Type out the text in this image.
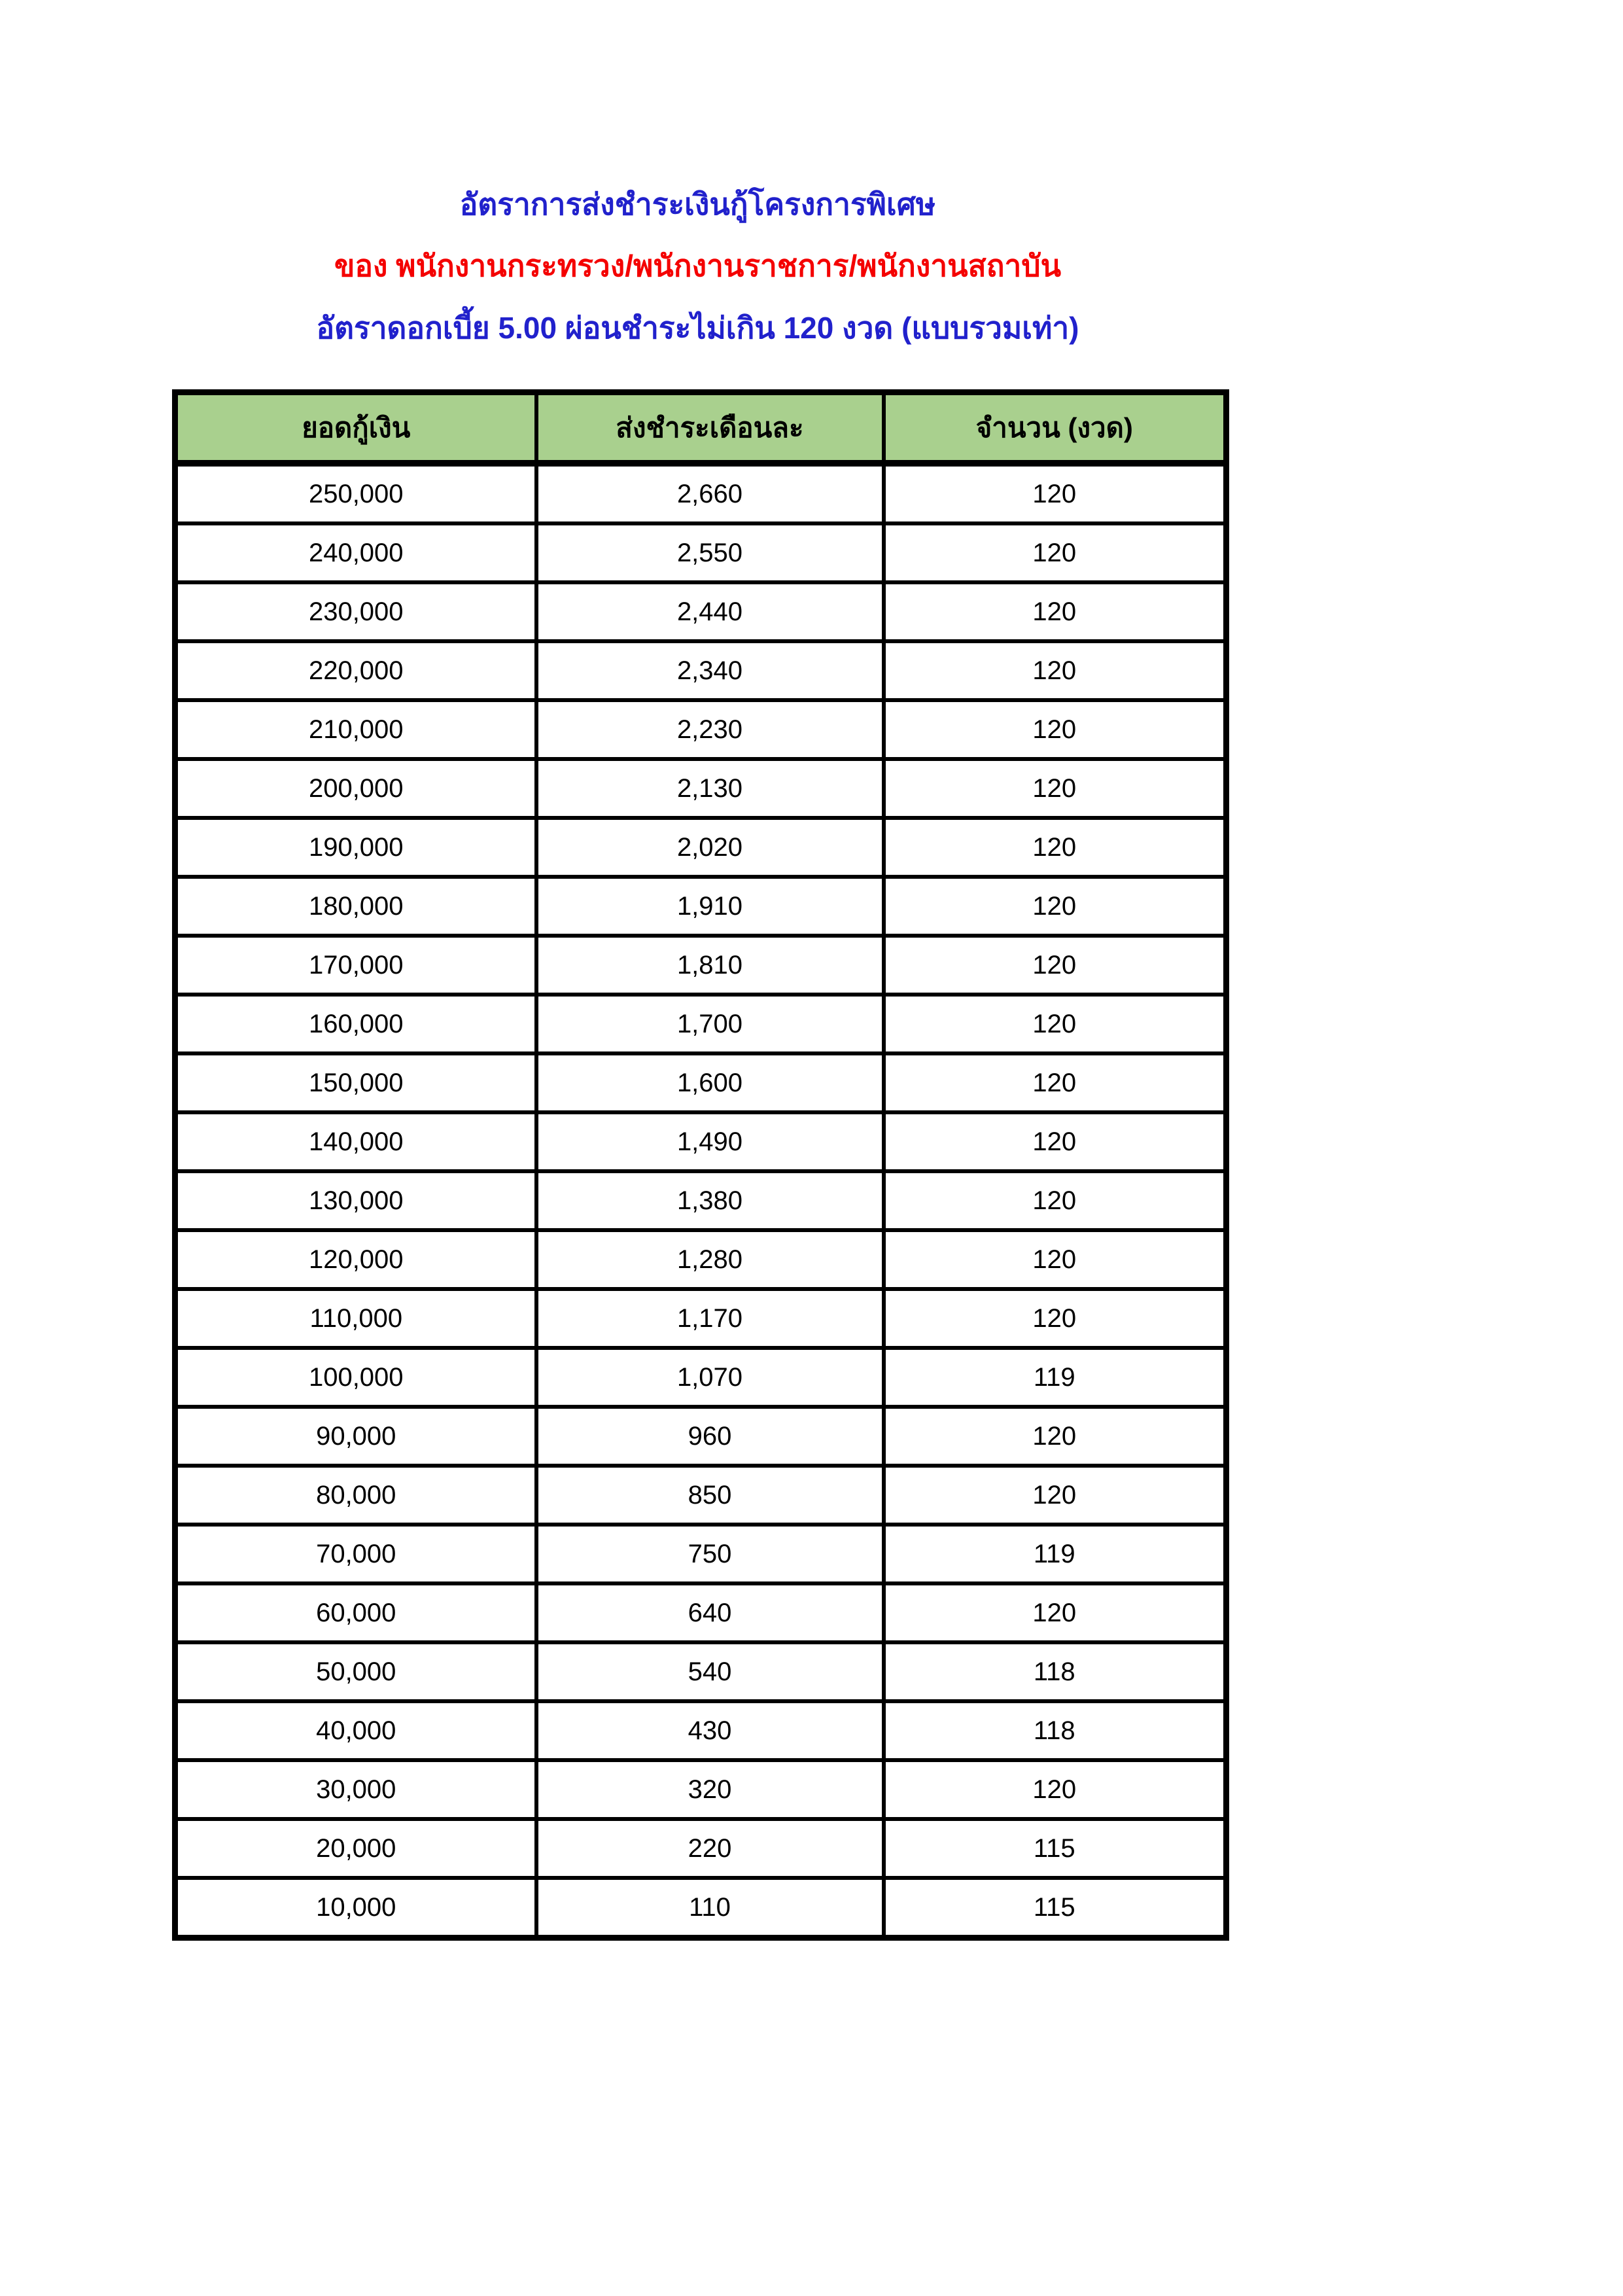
อัตราการส่งชำระเงินกู้โครงการพิเศษ
ของ พนักงานกระทรวง/พนักงานราชการ/พนักงานสถาบัน
อัตราดอกเบี้ย 5.00 ผ่อนชำระไม่เกิน 120 งวด (แบบรวมเท่า)
ยอดกู้เงิน	ส่งชำระเดือนละ	จำนวน (งวด)
250,000	2,660	120
240,000	2,550	120
230,000	2,440	120
220,000	2,340	120
210,000	2,230	120
200,000	2,130	120
190,000	2,020	120
180,000	1,910	120
170,000	1,810	120
160,000	1,700	120
150,000	1,600	120
140,000	1,490	120
130,000	1,380	120
120,000	1,280	120
110,000	1,170	120
100,000	1,070	119
90,000	960	120
80,000	850	120
70,000	750	119
60,000	640	120
50,000	540	118
40,000	430	118
30,000	320	120
20,000	220	115
10,000	110	115
